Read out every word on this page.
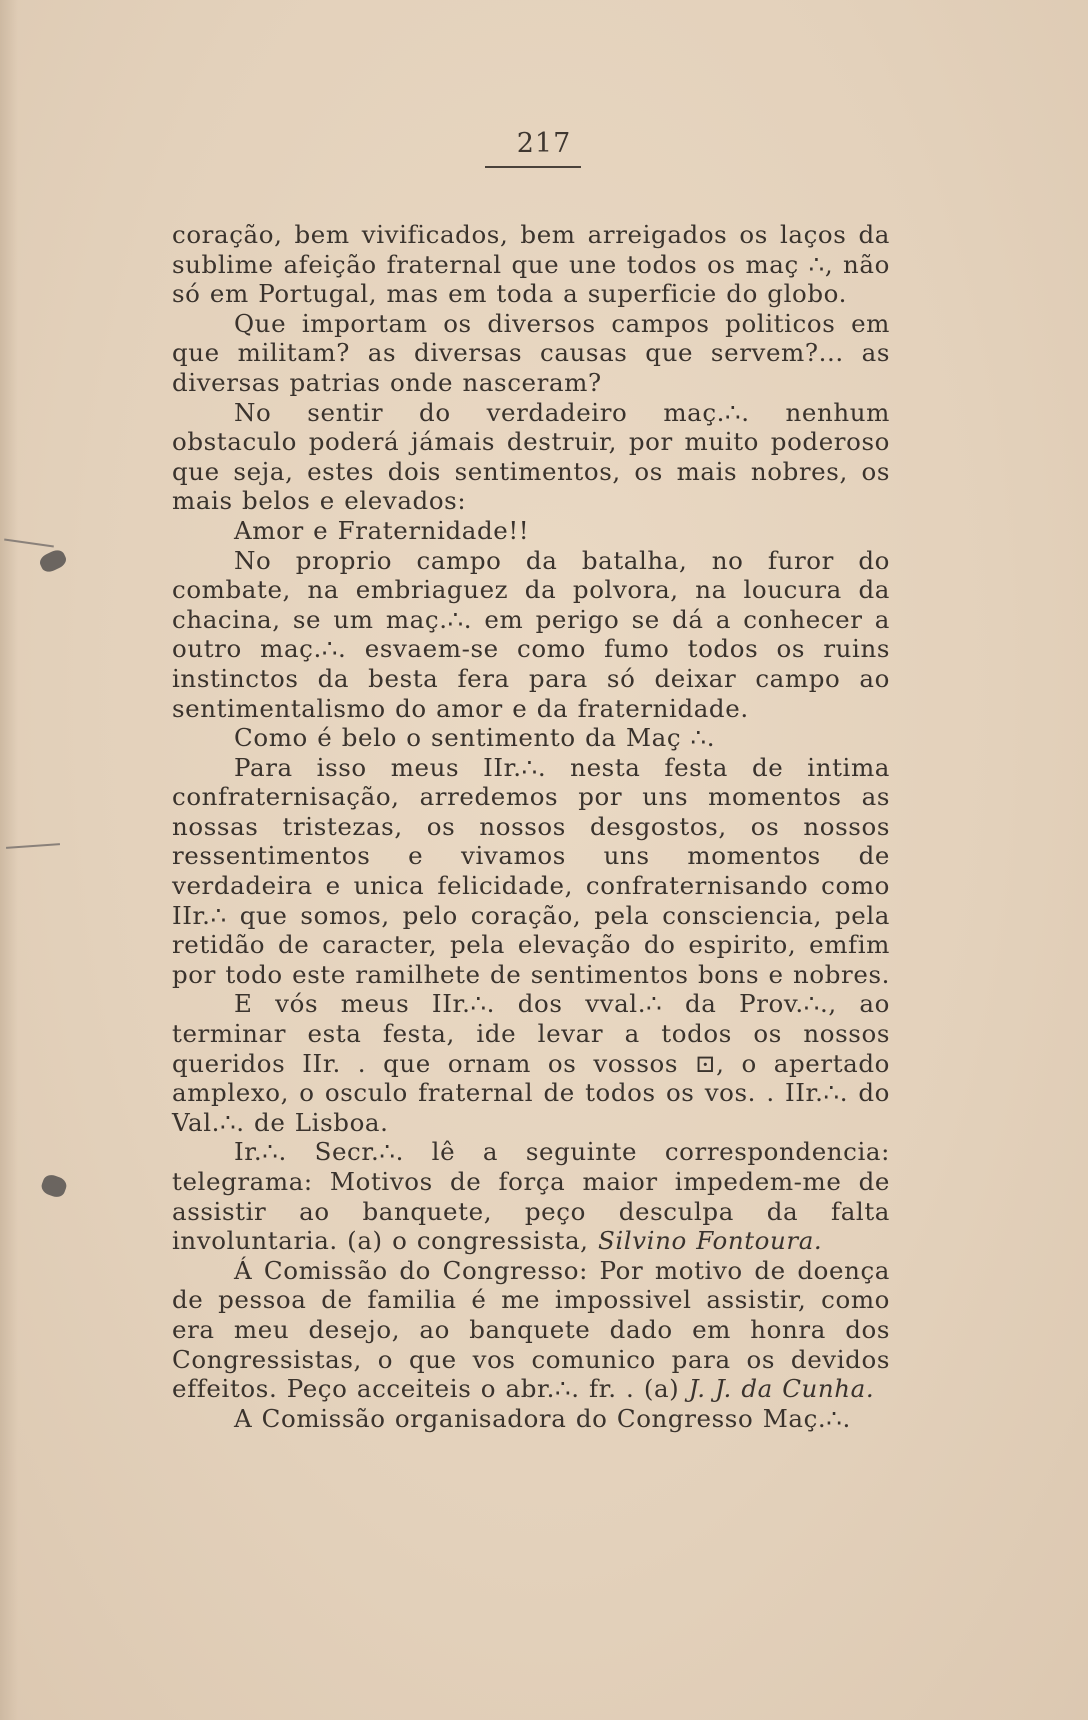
217

coração, bem vivificados, bem arreigados os laços da sublime afeição fraternal que une todos os maç ∴, não só em Portugal, mas em toda a superficie do globo.

Que importam os diversos campos politicos em que militam? as diversas causas que servem?... as diversas patrias onde nasceram?

No sentir do verdadeiro maç.∴. nenhum obstaculo poderá jámais destruir, por muito poderoso que seja, estes dois sentimentos, os mais nobres, os mais belos e elevados:

Amor e Fraternidade!!

No proprio campo da batalha, no furor do combate, na embriaguez da polvora, na loucura da chacina, se um maç.∴. em perigo se dá a conhecer a outro maç.∴. esvaem-se como fumo todos os ruins instinctos da besta fera para só deixar campo ao sentimentalismo do amor e da fraternidade.

Como é belo o sentimento da Maç ∴.

Para isso meus IIr.∴. nesta festa de intima confraternisação, arredemos por uns momentos as nossas tristezas, os nossos desgostos, os nossos ressentimentos e vivamos uns momentos de verdadeira e unica felicidade, confraternisando como IIr.∴ que somos, pelo coração, pela consciencia, pela retidão de caracter, pela elevação do espirito, emfim por todo este ramilhete de sentimentos bons e nobres.

E vós meus IIr.∴. dos vval.∴ da Prov.∴., ao terminar esta festa, ide levar a todos os nossos queridos IIr. . que ornam os vossos ⊡, o apertado amplexo, o osculo fraternal de todos os vos. . IIr.∴. do Val.∴. de Lisboa.

Ir.∴. Secr.∴. lê a seguinte correspondencia: telegrama: Motivos de força maior impedem-me de assistir ao banquete, peço desculpa da falta involuntaria. (a) o congressista, Silvino Fontoura.

Á Comissão do Congresso: Por motivo de doença de pessoa de familia é me impossivel assistir, como era meu desejo, ao banquete dado em honra dos Congressistas, o que vos comunico para os devidos effeitos. Peço acceiteis o abr.∴. fr. . (a) J. J. da Cunha.

A Comissão organisadora do Congresso Maç.∴.
